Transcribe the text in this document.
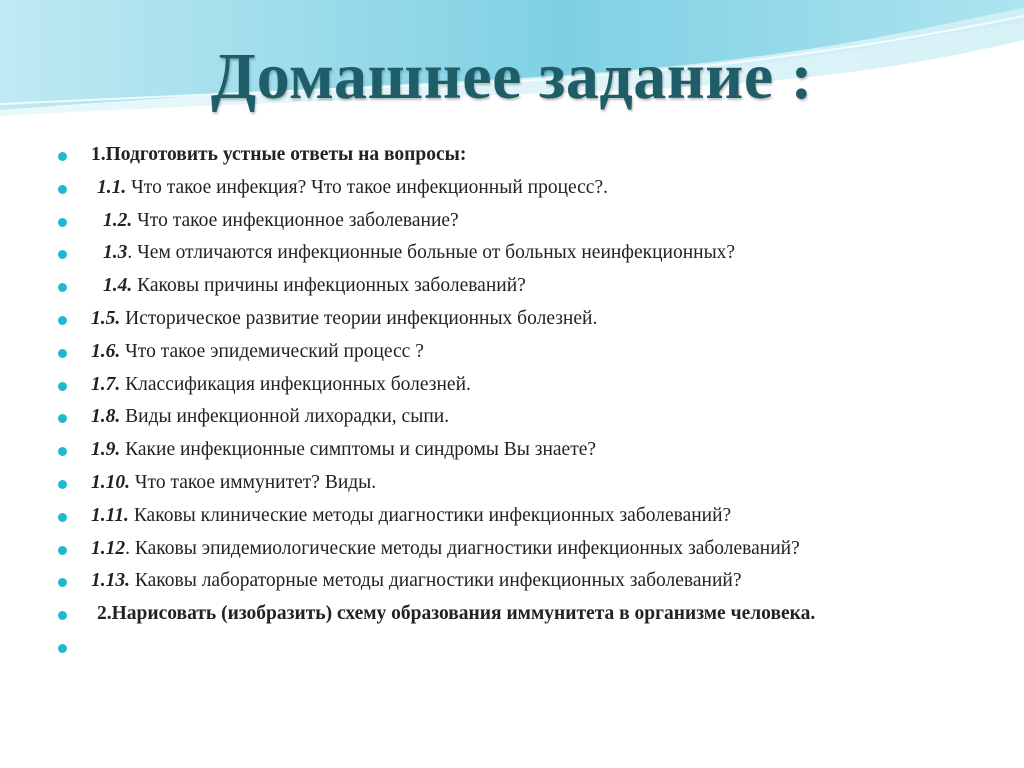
Домашнее задание :
1.Подготовить устные ответы на вопросы:
1.1. Что такое инфекция? Что такое инфекционный процесс?.
1.2. Что такое инфекционное заболевание?
1.3. Чем отличаются инфекционные больные от больных неинфекционных?
1.4. Каковы причины инфекционных заболеваний?
1.5. Историческое развитие теории инфекционных болезней.
1.6. Что такое эпидемический процесс ?
1.7. Классификация инфекционных болезней.
1.8. Виды инфекционной лихорадки, сыпи.
1.9. Какие инфекционные симптомы и синдромы Вы знаете?
1.10. Что такое иммунитет? Виды.
1.11. Каковы клинические методы диагностики инфекционных заболеваний?
1.12. Каковы эпидемиологические методы диагностики инфекционных заболеваний?
1.13. Каковы лабораторные методы диагностики инфекционных заболеваний?
2.Нарисовать (изобразить) схему образования иммунитета в организме человека.
